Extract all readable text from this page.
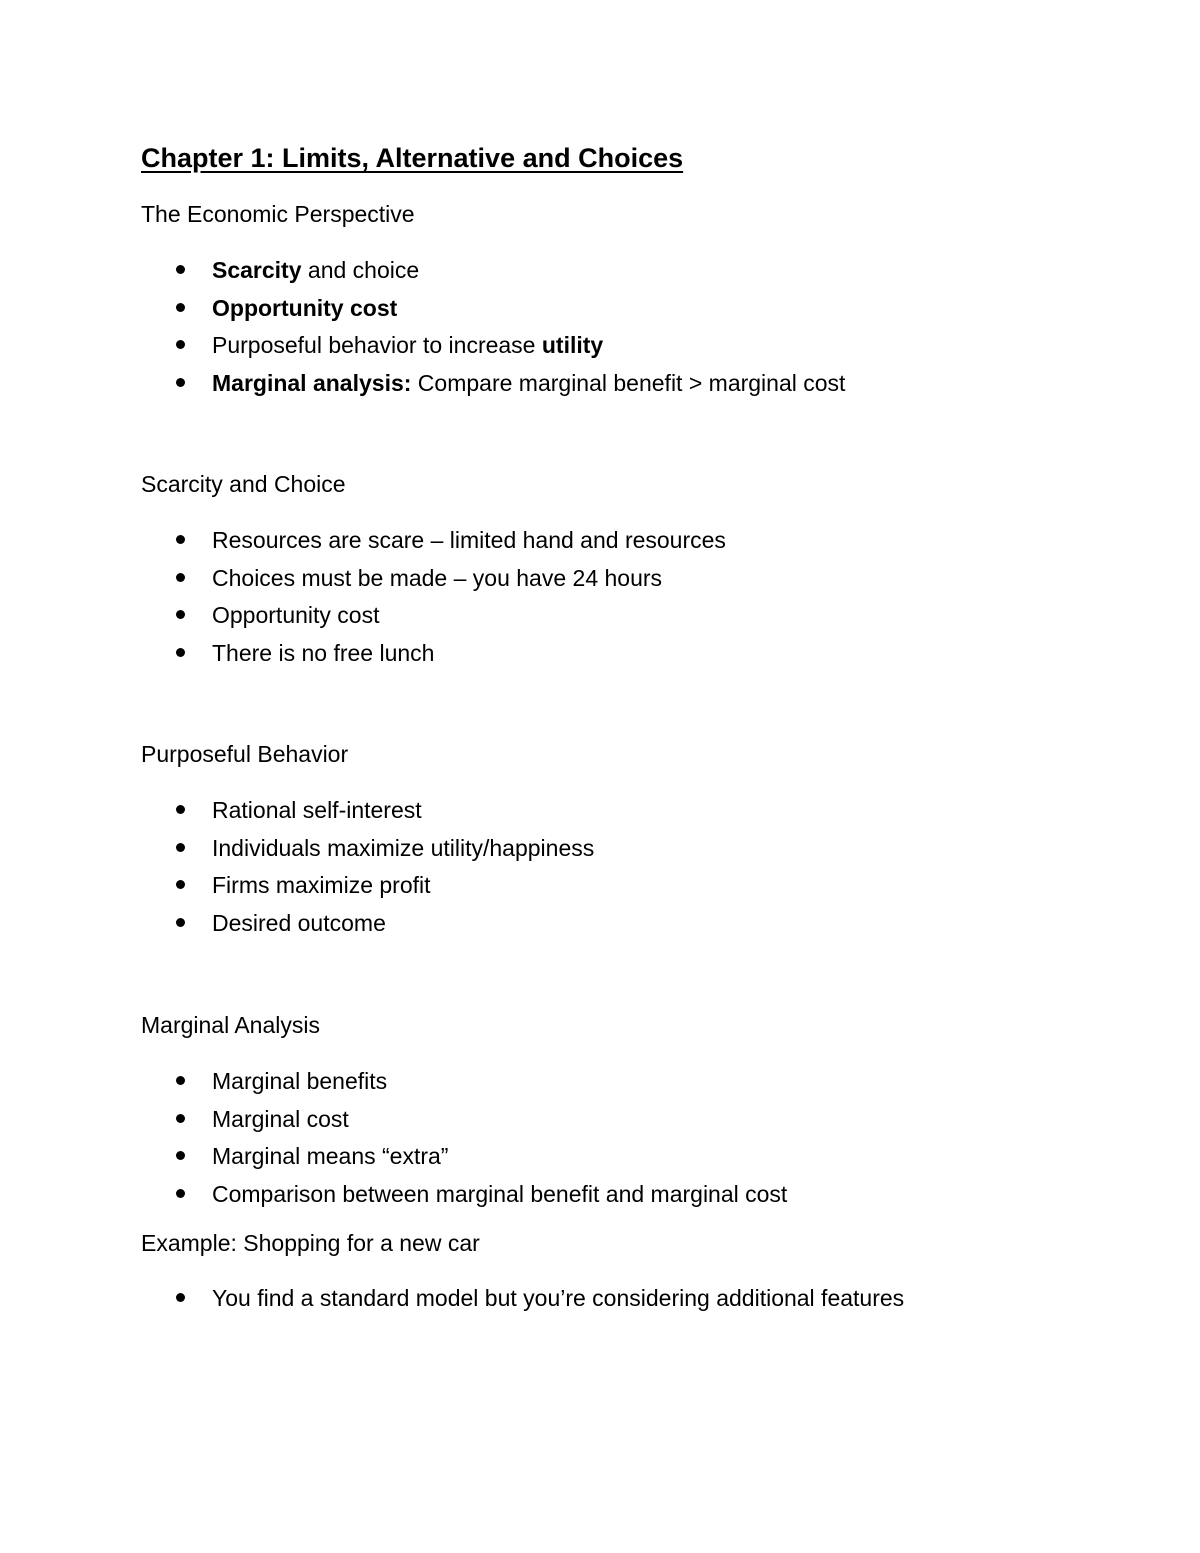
Chapter 1: Limits, Alternative and Choices

The Economic Perspective

Scarcity and choice
Opportunity cost
Purposeful behavior to increase utility
Marginal analysis: Compare marginal benefit > marginal cost

Scarcity and Choice

Resources are scare – limited hand and resources
Choices must be made – you have 24 hours
Opportunity cost
There is no free lunch

Purposeful Behavior

Rational self-interest
Individuals maximize utility/happiness
Firms maximize profit
Desired outcome

Marginal Analysis

Marginal benefits
Marginal cost
Marginal means “extra”
Comparison between marginal benefit and marginal cost

Example: Shopping for a new car

You find a standard model but you’re considering additional features
